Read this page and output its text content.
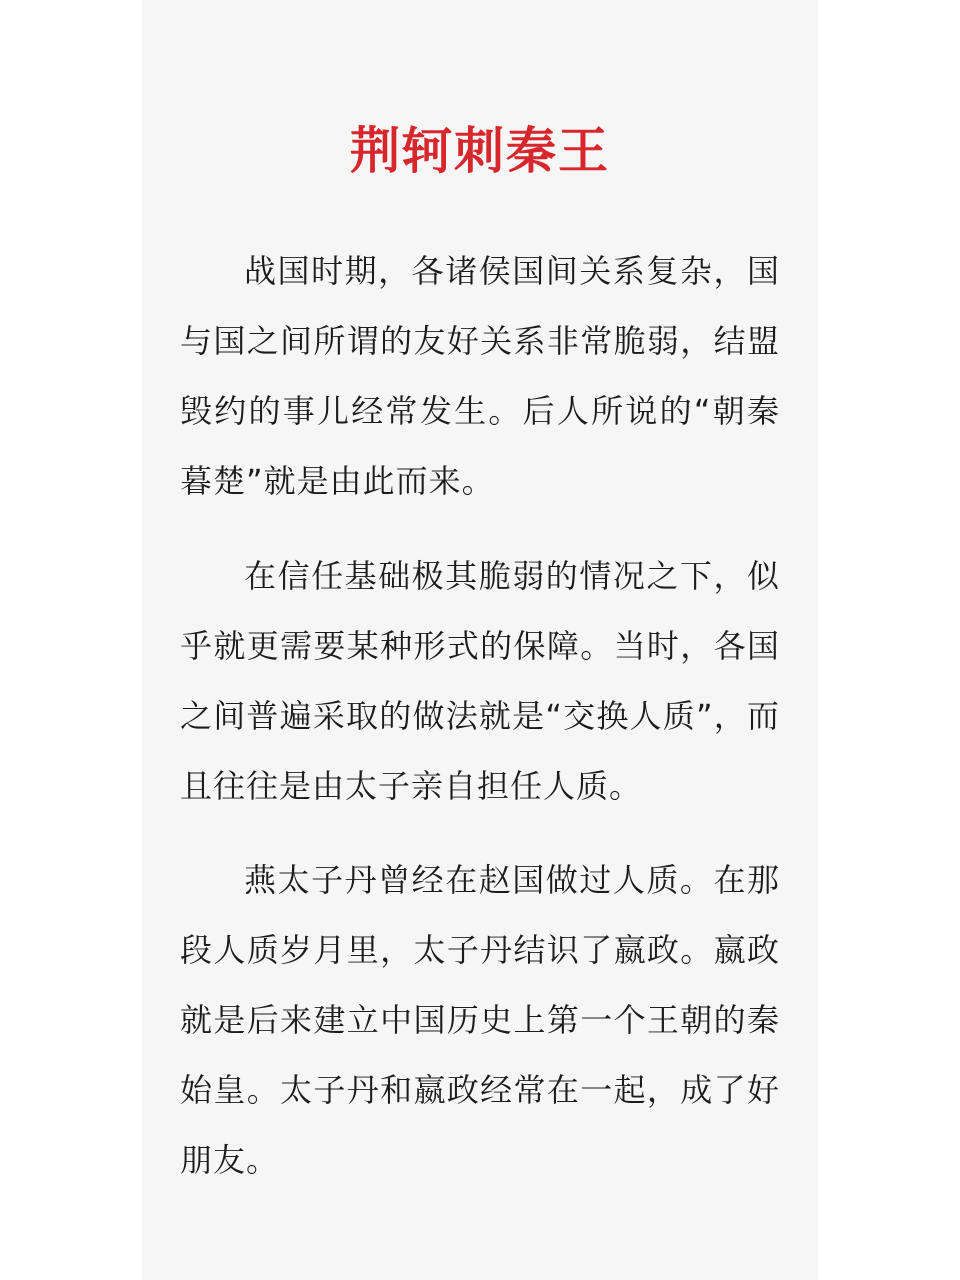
荆轲刺秦王

战国时期，各诸侯国间关系复杂，国与国之间所谓的友好关系非常脆弱，结盟毁约的事儿经常发生。后人所说的“朝秦暮楚”就是由此而来。

在信任基础极其脆弱的情况之下，似乎就更需要某种形式的保障。当时，各国之间普遍采取的做法就是“交换人质”，而且往往是由太子亲自担任人质。

燕太子丹曾经在赵国做过人质。在那段人质岁月里，太子丹结识了嬴政。嬴政就是后来建立中国历史上第一个王朝的秦始皇。太子丹和嬴政经常在一起，成了好朋友。
